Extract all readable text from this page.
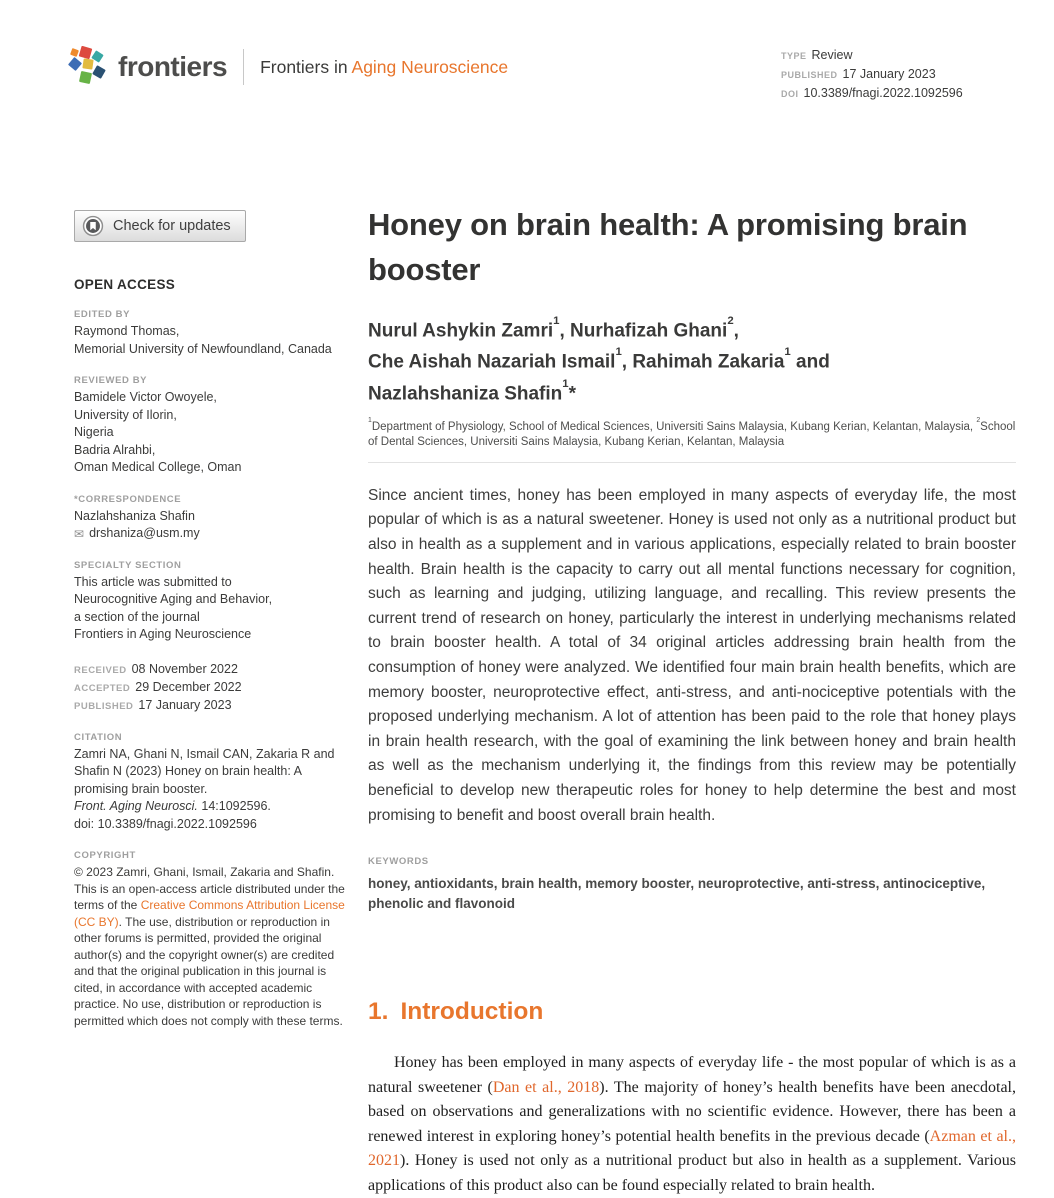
frontiers Frontiers in Aging Neuroscience
TYPE Review
PUBLISHED 17 January 2023
DOI 10.3389/fnagi.2022.1092596
Check for updates
OPEN ACCESS
EDITED BY
Raymond Thomas,
Memorial University of Newfoundland, Canada
REVIEWED BY
Bamidele Victor Owoyele,
University of Ilorin,
Nigeria
Badria Alrahbi,
Oman Medical College, Oman
*CORRESPONDENCE
Nazlahshaniza Shafin
✉ drshaniza@usm.my
SPECIALTY SECTION
This article was submitted to
Neurocognitive Aging and Behavior,
a section of the journal
Frontiers in Aging Neuroscience
RECEIVED 08 November 2022
ACCEPTED 29 December 2022
PUBLISHED 17 January 2023
CITATION
Zamri NA, Ghani N, Ismail CAN, Zakaria R and Shafin N (2023) Honey on brain health: A promising brain booster.
Front. Aging Neurosci. 14:1092596.
doi: 10.3389/fnagi.2022.1092596
COPYRIGHT
© 2023 Zamri, Ghani, Ismail, Zakaria and Shafin. This is an open-access article distributed under the terms of the Creative Commons Attribution License (CC BY). The use, distribution or reproduction in other forums is permitted, provided the original author(s) and the copyright owner(s) are credited and that the original publication in this journal is cited, in accordance with accepted academic practice. No use, distribution or reproduction is permitted which does not comply with these terms.
Honey on brain health: A promising brain booster
Nurul Ashykin Zamri$^1$, Nurhafizah Ghani$^2$,
Che Aishah Nazariah Ismail$^1$, Rahimah Zakaria$^1$ and
Nazlahshaniza Shafin$^1$*
$^1$Department of Physiology, School of Medical Sciences, Universiti Sains Malaysia, Kubang Kerian, Kelantan, Malaysia, $^2$School of Dental Sciences, Universiti Sains Malaysia, Kubang Kerian, Kelantan, Malaysia

Since ancient times, honey has been employed in many aspects of everyday life, the most popular of which is as a natural sweetener. Honey is used not only as a nutritional product but also in health as a supplement and in various applications, especially related to brain booster health. Brain health is the capacity to carry out all mental functions necessary for cognition, such as learning and judging, utilizing language, and recalling. This review presents the current trend of research on honey, particularly the interest in underlying mechanisms related to brain booster health. A total of 34 original articles addressing brain health from the consumption of honey were analyzed. We identified four main brain health benefits, which are memory booster, neuroprotective effect, anti-stress, and anti-nociceptive potentials with the proposed underlying mechanism. A lot of attention has been paid to the role that honey plays in brain health research, with the goal of examining the link between honey and brain health as well as the mechanism underlying it, the findings from this review may be potentially beneficial to develop new therapeutic roles for honey to help determine the best and most promising to benefit and boost overall brain health.

KEYWORDS
honey, antioxidants, brain health, memory booster, neuroprotective, anti-stress, antinociceptive, phenolic and flavonoid
1. Introduction

Honey has been employed in many aspects of everyday life - the most popular of which is as a natural sweetener (Dan et al., 2018). The majority of honey’s health benefits have been anecdotal, based on observations and generalizations with no scientific evidence. However, there has been a renewed interest in exploring honey’s potential health benefits in the previous decade (Azman et al., 2021). Honey is used not only as a nutritional product but also in health as a supplement. Various applications of this product also can be found especially related to brain health.
